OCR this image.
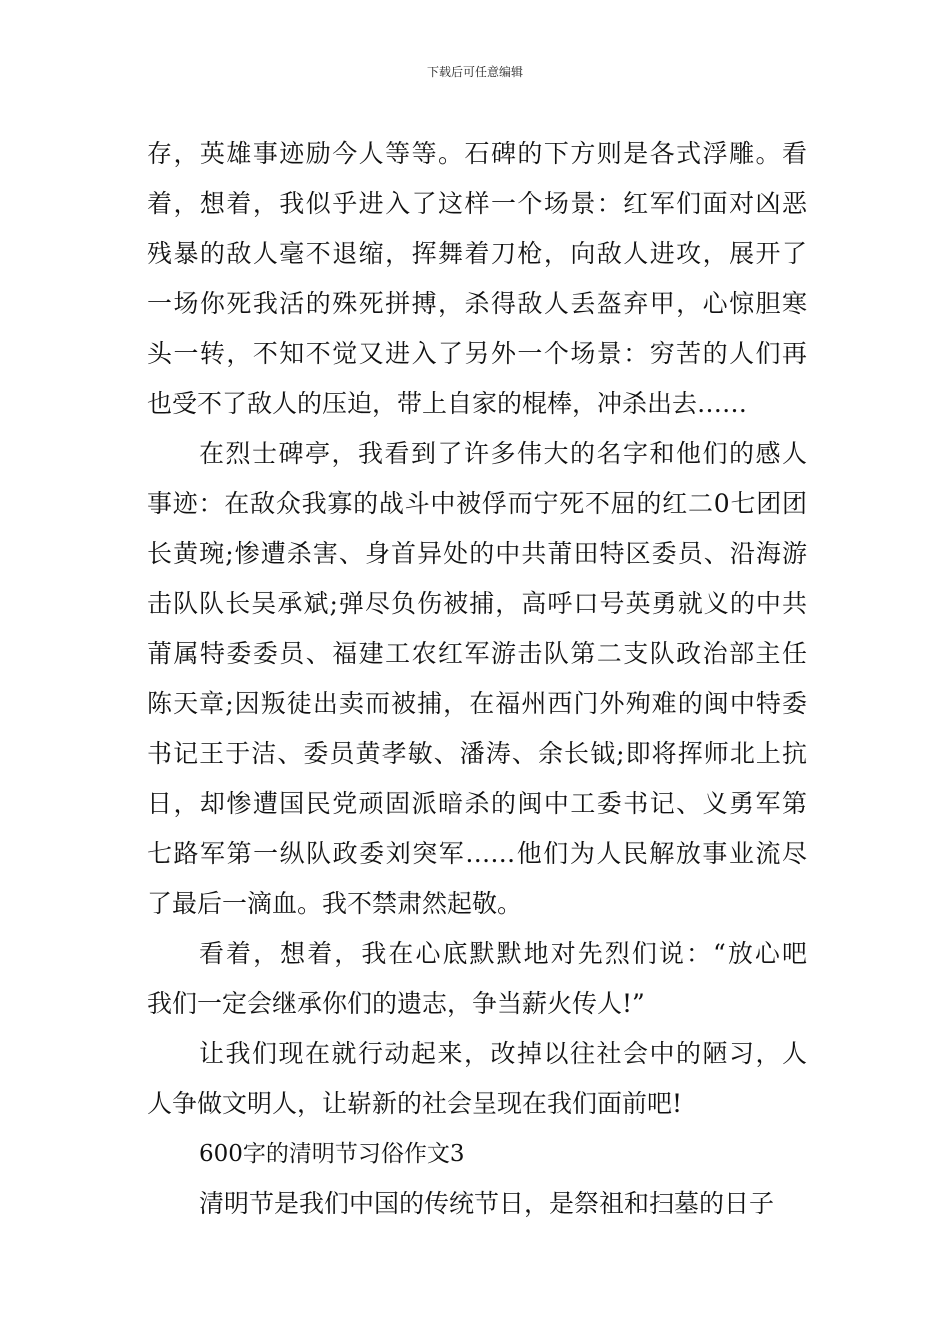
下载后可任意编辑
存，英雄事迹励今人等等。石碑的下方则是各式浮雕。看
着，想着，我似乎进入了这样一个场景：红军们面对凶恶
残暴的敌人毫不退缩，挥舞着刀枪，向敌人进攻，展开了
一场你死我活的殊死拼搏，杀得敌人丢盔弃甲，心惊胆寒
头一转，不知不觉又进入了另外一个场景：穷苦的人们再
也受不了敌人的压迫，带上自家的棍棒，冲杀出去……
在烈士碑亭，我看到了许多伟大的名字和他们的感人
事迹：在敌众我寡的战斗中被俘而宁死不屈的红二0七团团
长黄琬;惨遭杀害、身首异处的中共莆田特区委员、沿海游
击队队长吴承斌;弹尽负伤被捕，高呼口号英勇就义的中共
莆属特委委员、福建工农红军游击队第二支队政治部主任
陈天章;因叛徒出卖而被捕，在福州西门外殉难的闽中特委
书记王于洁、委员黄孝敏、潘涛、余长钺;即将挥师北上抗
日，却惨遭国民党顽固派暗杀的闽中工委书记、义勇军第
七路军第一纵队政委刘突军……他们为人民解放事业流尽
了最后一滴血。我不禁肃然起敬。
看着，想着，我在心底默默地对先烈们说：“放心吧
我们一定会继承你们的遗志，争当薪火传人!”
让我们现在就行动起来，改掉以往社会中的陋习，人
人争做文明人，让崭新的社会呈现在我们面前吧!
600字的清明节习俗作文3
清明节是我们中国的传统节日，是祭祖和扫墓的日子
